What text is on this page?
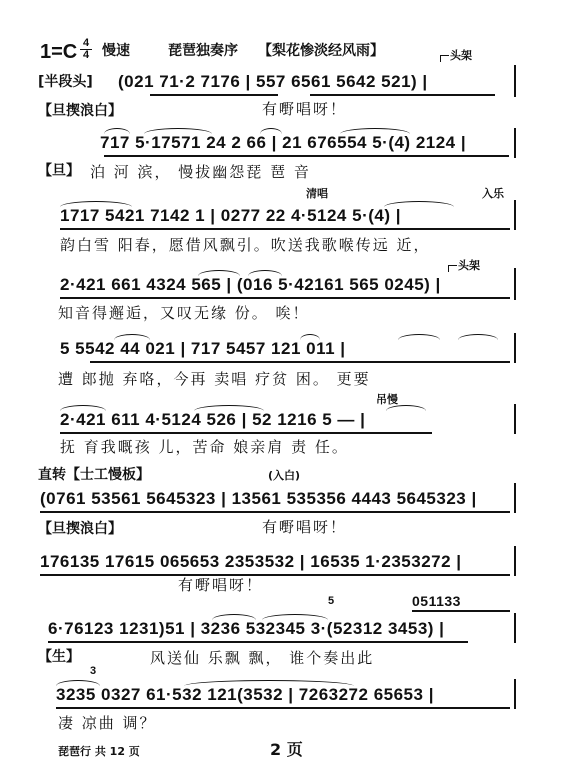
1=C 4
4 慢速	琵琶独奏序 【梨花惨淡经风雨】	头架
[半段头] (021 71·2 7176 | 557 6561 5642 521) |
【旦揳浪白】	有嘢唱呀！
717 5·17571 24 2 66 | 21 676554 5·(4) 2124 |
【旦】 泊 河 滨， 慢拔幽怨琵 琶 音
清唱	入乐
1717 5421 7142 1 | 0277 22 4·5124 5·(4) |
韵白雪 阳春，愿借风飘引。吹送我歌喉传远 近，
头架
2·421 661 4324 565 | (016 5·42161 565 0245) |
知音得邂逅，又叹无缘 份。 唉！
5 5542 44 021 | 717 5457 121 011 |
遭 郎抛 弃咯，今再 卖唱 疗贫 困。 更要
吊慢
2·421 611 4·5124 526 | 52 1216 5 — |
抚 育我嘅孩 儿，苦命 娘亲肩 责 任。
直转【士工慢板】	(入白)
(0761 53561 5645323 | 13561 535356 4443 5645323 |
【旦揳浪白】	有嘢唱呀！
176135 17615 065653 2353532 | 16535 1·2353272 |
有嘢唱呀！
051133
5
6·76123 1231)51 | 3236 532345 3·(52312 3453) |
【生】	风送仙 乐飘 飘， 谁个奏出此
3
3235 0327 61·532 121(3532 | 7263272 65653 |
凄 凉曲 调？
琵琶行 共 12 页	2 页
